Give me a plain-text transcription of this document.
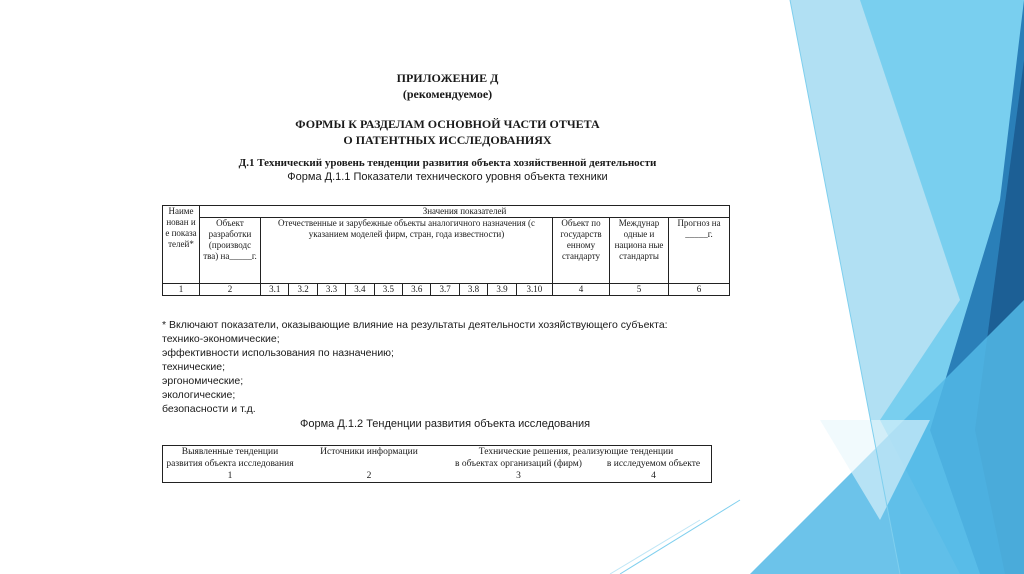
ПРИЛОЖЕНИЕ Д
(рекомендуемое)
ФОРМЫ К РАЗДЕЛАМ ОСНОВНОЙ ЧАСТИ ОТЧЕТА
О ПАТЕНТНЫХ ИССЛЕДОВАНИЯХ
Д.1 Технический уровень тенденции развития объекта хозяйственной деятельности
Форма Д.1.1 Показатели технического уровня объекта техники
Наиме нован и е показа телей*	Значения показателей													
	Объект разработки (производс тва) на_____г.	Отечественные и зарубежные объекты аналогичного назначения (с указанием моделей фирм, стран, года известности)										Объект по государств енному стандарту	Междунар одные и национа ные стандарты	Прогноз на _____г.
1	2	3.1	3.2	3.3	3.4	3.5	3.6	3.7	3.8	3.9	3.10	4	5	6
* Включают показатели, оказывающие влияние на результаты деятельности хозяйствующего субъекта:
технико-экономические;
эффективности использования по назначению;
технические;
эргономические;
экологические;
безопасности и т.д.
Форма Д.1.2 Тенденции развития объекта исследования
Выявленные тенденции развития объекта исследования	Источники информации	Технические решения, реализующие тенденции	
		в объектах организаций (фирм)	в исследуемом объекте
1	2	3	4
